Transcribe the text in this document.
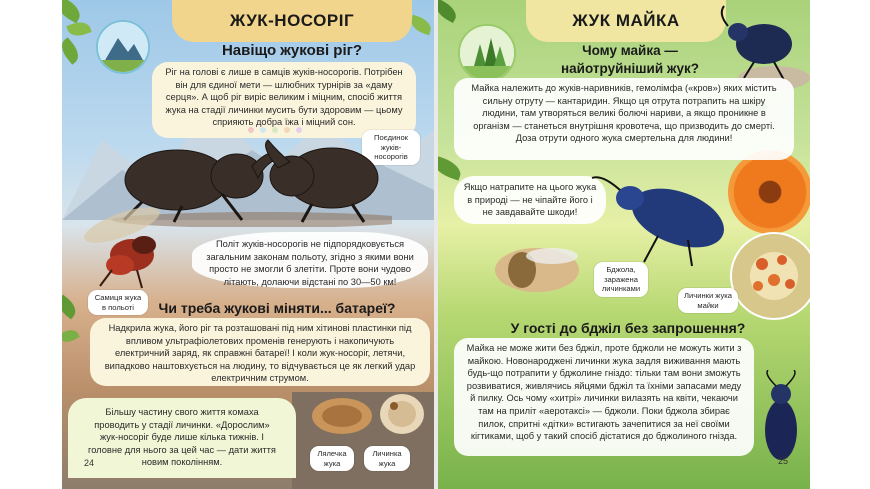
ЖУК-НОСОРІГ
Навіщо жукові ріг?
Ріг на голові є лише в самців жуків-носорогів. Потрібен він для єдиної мети — шлюбних турнірів за «даму серця». А щоб ріг виріс великим і міцним, спосіб життя жука на стадії личинки мусить бути здоровим — цьому сприяють добра їжа і міцний сон.
Поєдинок жуків-носорогів
Політ жуків-носорогів не підпорядковується загальним законам польоту, згідно з якими вони просто не змогли б злетіти. Проте вони чудово літають, долаючи відстані по 30—50 км!
Самиця жука в польоті	Чи треба жукові міняти... батареї?
Надкрила жука, його ріг та розташовані під ним хітинові пластинки під впливом ультрафіолетових променів генерують і накопичують електричний заряд, як справжні батареї! І коли жук-носоріг, летячи, випадково наштовхується на людину, то відчувається це як легкий удар електричним струмом.
Більшу частину свого життя комаха проводить у стадії личинки. «Дорослим» жук-носоріг буде лише кілька тижнів. І головне для нього за цей час — дати життя новим поколінням.
Лялечка жука
Личинка жука
24
ЖУК МАЙКА
Чому майка — найотруйніший жук?
Майка належить до жуків-наривників, гемолімфа («кров») яких містить сильну отруту — кантаридин. Якщо ця отрута потрапить на шкіру людини, там утворяться великі болючі нариви, а якщо проникне в організм — станеться внутрішня кровотеча, що призводить до смерті. Доза отрути одного жука смертельна для людини!
Якщо натрапите на цього жука в природі — не чіпайте його і не завдавайте шкоди!
Бджола, заражена личинками
Личинки жука майки
У гості до бджіл без запрошення?
Майка не може жити без бджіл, проте бджоли не можуть жити з майкою. Новонароджені личинки жука задля виживання мають будь-що потрапити у бджолине гніздо: тільки там вони зможуть розвиватися, живлячись яйцями бджіл та їхніми запасами меду й пилку. Ось чому «хитрі» личинки вилазять на квіти, чекаючи там на приліт «аеротаксі» — бджоли. Поки бджола збирає пилок, спритні «дітки» встигають зачепитися за неї своїми кігтиками, щоб у такий спосіб дістатися до бджолиного гнізда.
25
